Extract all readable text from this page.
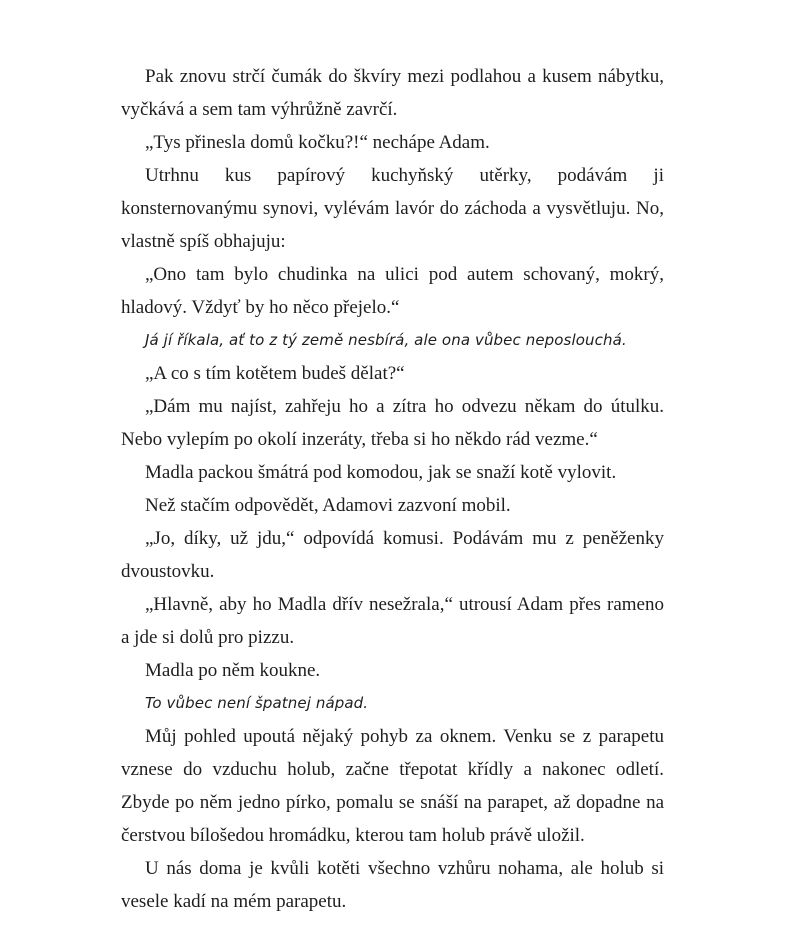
Pak znovu strčí čumák do škvíry mezi podlahou a kusem nábytku, vyčkává a sem tam výhrůžně zavrčí.

„Tys přinesla domů kočku?!“ nechápe Adam.

Utrhnu kus papírový kuchyňský utěrky, podávám ji konsternovanýmu synovi, vylévám lavór do záchoda a vysvětluju. No, vlastně spíš obhajuju:

„Ono tam bylo chudinka na ulici pod autem schovaný, mokrý, hladový. Vždyť by ho něco přejelo.“

Já jí říkala, ať to z tý země nesbírá, ale ona vůbec neposlouchá.

„A co s tím kotětem budeš dělat?“

„Dám mu najíst, zahřeju ho a zítra ho odvezu někam do útulku. Nebo vylepím po okolí inzeráty, třeba si ho někdo rád vezme.“

Madla packou šmátrá pod komodou, jak se snaží kotě vylovit.

Než stačím odpovědět, Adamovi zazvoní mobil.

„Jo, díky, už jdu,“ odpovídá komusi. Podávám mu z peněženky dvoustovku.

„Hlavně, aby ho Madla dřív nesežrala,“ utrousí Adam přes rameno a jde si dolů pro pizzu.

Madla po něm koukne.

To vůbec není špatnej nápad.

Můj pohled upoutá nějaký pohyb za oknem. Venku se z parapetu vznese do vzduchu holub, začne třepotat křídly a nakonec odletí. Zbyde po něm jedno pírko, pomalu se snáší na parapet, až dopadne na čerstvou bílošedou hromádku, kterou tam holub právě uložil.

U nás doma je kvůli kotěti všechno vzhůru nohama, ale holub si vesele kadí na mém parapetu.
